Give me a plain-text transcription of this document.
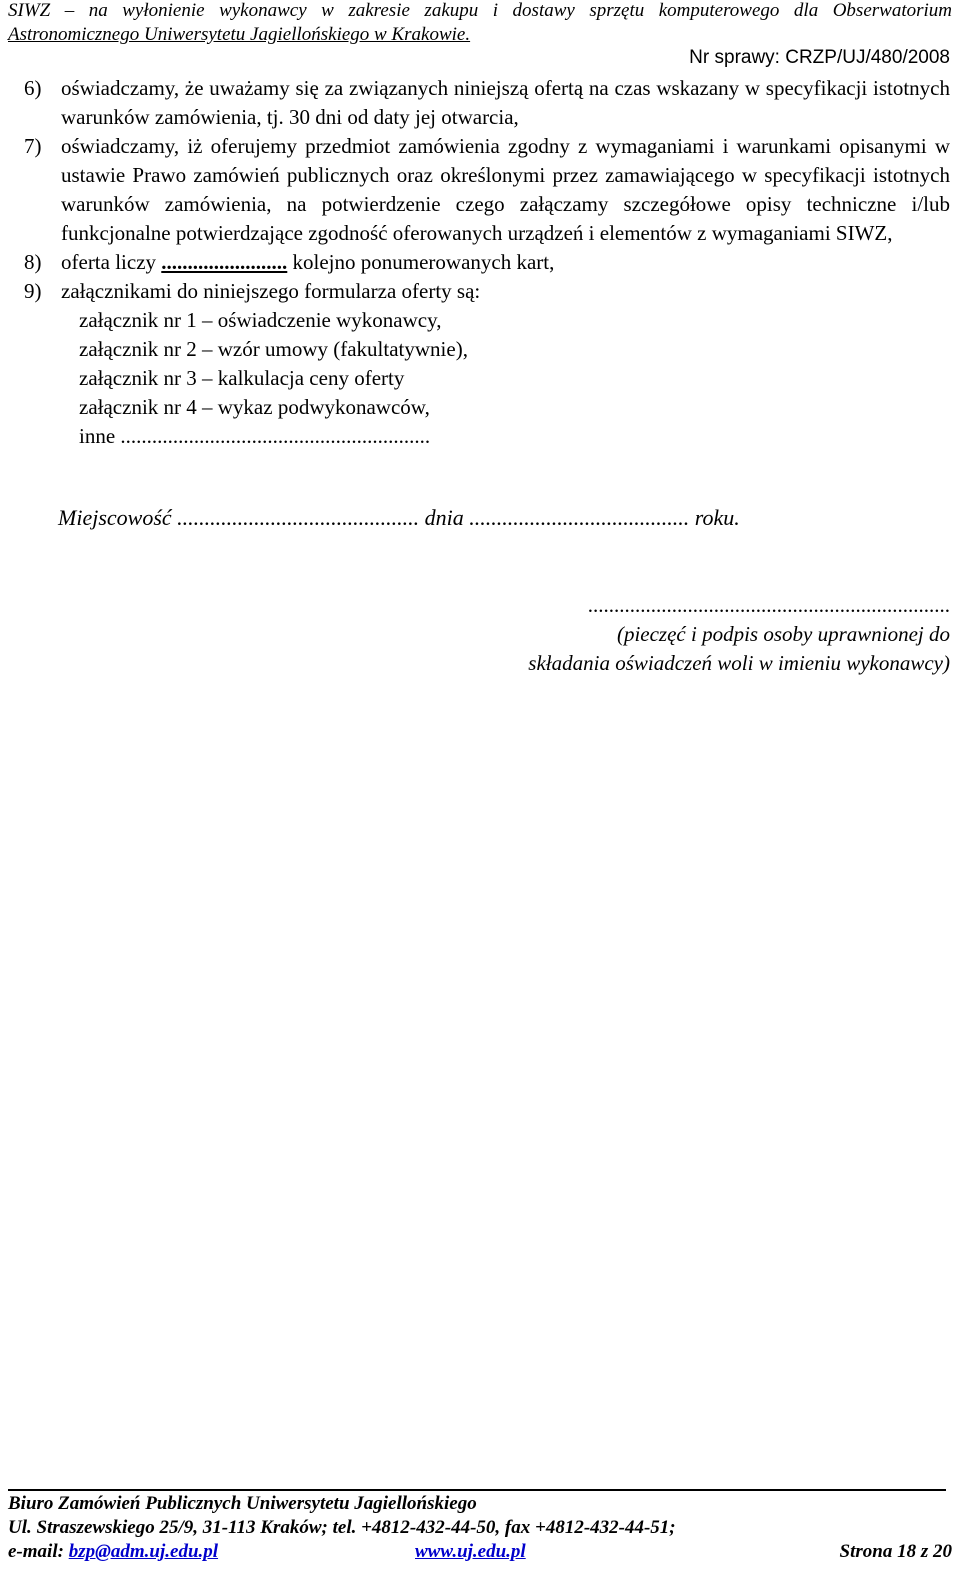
SIWZ – na wyłonienie wykonawcy w zakresie zakupu i dostawy sprzętu komputerowego dla Obserwatorium
Astronomicznego Uniwersytetu Jagiellońskiego w Krakowie.
Nr sprawy: CRZP/UJ/480/2008
6) oświadczamy, że uważamy się za związanych niniejszą ofertą na czas wskazany w specyfikacji istotnych warunków zamówienia, tj. 30 dni od daty jej otwarcia,
7) oświadczamy, iż oferujemy przedmiot zamówienia zgodny z wymaganiami i warunkami opisanymi w ustawie Prawo zamówień publicznych oraz określonymi przez zamawiającego w specyfikacji istotnych warunków zamówienia, na potwierdzenie czego załączamy szczegółowe opisy techniczne i/lub funkcjonalne potwierdzające zgodność oferowanych urządzeń i elementów z wymaganiami SIWZ,
8) oferta liczy ........................ kolejno ponumerowanych kart,
9) załącznikami do niniejszego formularza oferty są:
załącznik nr 1 – oświadczenie wykonawcy,
załącznik nr 2 – wzór umowy (fakultatywnie),
załącznik nr 3 – kalkulacja ceny oferty
załącznik nr 4 – wykaz podwykonawców,
inne ...........................................................
Miejscowość ............................................ dnia ........................................ roku.
.....................................................................
(pieczęć i podpis osoby uprawnionej do
składania oświadczeń woli w imieniu wykonawcy)
Biuro Zamówień Publicznych Uniwersytetu Jagiellońskiego
Ul. Straszewskiego 25/9, 31-113 Kraków; tel. +4812-432-44-50, fax +4812-432-44-51;
e-mail: bzp@adm.uj.edu.pl	www.uj.edu.pl	Strona 18 z 20
